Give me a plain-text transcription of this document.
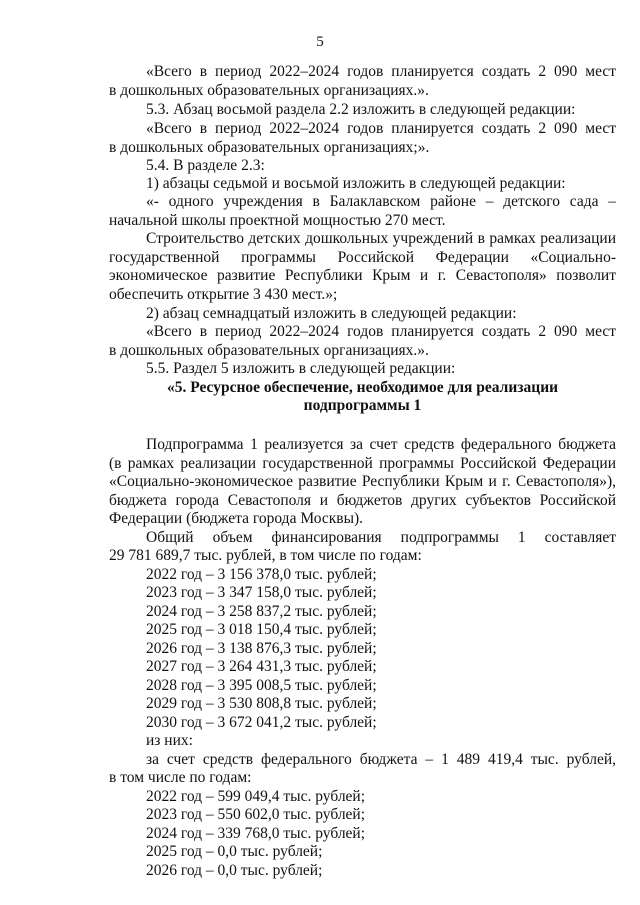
5
«Всего в период 2022–2024 годов планируется создать 2 090 мест
в дошкольных образовательных организациях.».
5.3. Абзац восьмой раздела 2.2 изложить в следующей редакции:
«Всего в период 2022–2024 годов планируется создать 2 090 мест
в дошкольных образовательных организациях;».
5.4. В разделе 2.3:
1) абзацы седьмой и восьмой изложить в следующей редакции:
«- одного учреждения в Балаклавском районе – детского сада –
начальной школы проектной мощностью 270 мест.
Строительство детских дошкольных учреждений в рамках реализации
государственной программы Российской Федерации «Социально-
экономическое развитие Республики Крым и г. Севастополя» позволит
обеспечить открытие 3 430 мест.»;
2) абзац семнадцатый изложить в следующей редакции:
«Всего в период 2022–2024 годов планируется создать 2 090 мест
в дошкольных образовательных организациях.».
5.5. Раздел 5 изложить в следующей редакции:
«5. Ресурсное обеспечение, необходимое для реализации
подпрограммы 1
Подпрограмма 1 реализуется за счет средств федерального бюджета
(в рамках реализации государственной программы Российской Федерации
«Социально-экономическое развитие Республики Крым и г. Севастополя»),
бюджета города Севастополя и бюджетов других субъектов Российской
Федерации (бюджета города Москвы).
Общий объем финансирования подпрограммы 1 составляет
29 781 689,7 тыс. рублей, в том числе по годам:
2022 год – 3 156 378,0 тыс. рублей;
2023 год – 3 347 158,0 тыс. рублей;
2024 год – 3 258 837,2 тыс. рублей;
2025 год – 3 018 150,4 тыс. рублей;
2026 год – 3 138 876,3 тыс. рублей;
2027 год – 3 264 431,3 тыс. рублей;
2028 год – 3 395 008,5 тыс. рублей;
2029 год – 3 530 808,8 тыс. рублей;
2030 год – 3 672 041,2 тыс. рублей;
из них:
за счет средств федерального бюджета – 1 489 419,4 тыс. рублей,
в том числе по годам:
2022 год – 599 049,4 тыс. рублей;
2023 год – 550 602,0 тыс. рублей;
2024 год – 339 768,0 тыс. рублей;
2025 год – 0,0 тыс. рублей;
2026 год – 0,0 тыс. рублей;
